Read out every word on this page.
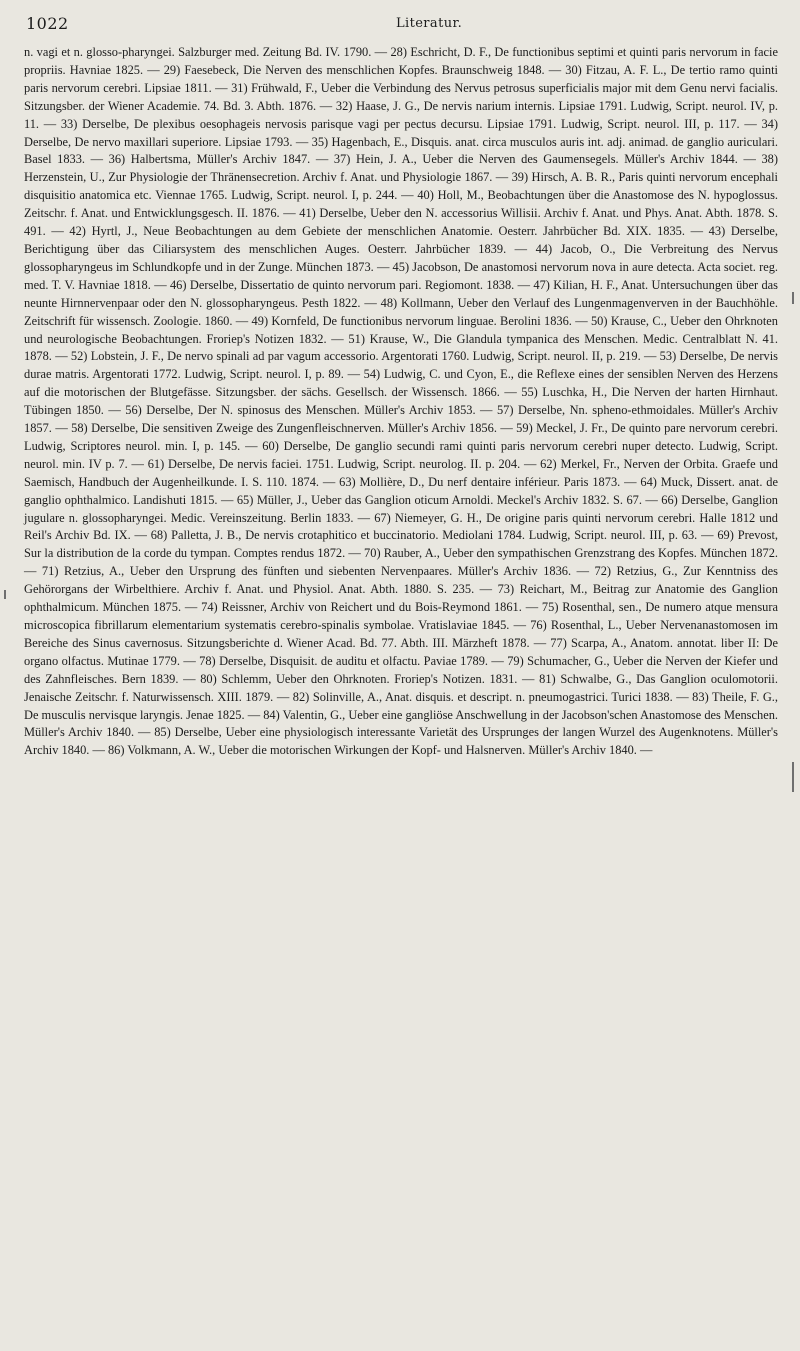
1022	Literatur.

n. vagi et n. glosso-pharyngei. Salzburger med. Zeitung Bd. IV. 1790. — 28) Eschricht, D. F., De functionibus septimi et quinti paris nervorum in facie propriis. Havniae 1825. — 29) Faesebeck, Die Nerven des menschlichen Kopfes. Braunschweig 1848. — 30) Fitzau, A. F. L., De tertio ramo quinti paris nervorum cerebri. Lipsiae 1811. — 31) Frühwald, F., Ueber die Verbindung des Nervus petrosus superficialis major mit dem Genu nervi facialis. Sitzungsber. der Wiener Academie. 74. Bd. 3. Abth. 1876. — 32) Haase, J. G., De nervis narium internis. Lipsiae 1791. Ludwig, Script. neurol. IV, p. 11. — 33) Derselbe, De plexibus oesophageis nervosis parisque vagi per pectus decursu. Lipsiae 1791. Ludwig, Script. neurol. III, p. 117. — 34) Derselbe, De nervo maxillari superiore. Lipsiae 1793. — 35) Hagenbach, E., Disquis. anat. circa musculos auris int. adj. animad. de ganglio auriculari. Basel 1833. — 36) Halbertsma, Müller's Archiv 1847. — 37) Hein, J. A., Ueber die Nerven des Gaumensegels. Müller's Archiv 1844. — 38) Herzenstein, U., Zur Physiologie der Thränensecretion. Archiv f. Anat. und Physiologie 1867. — 39) Hirsch, A. B. R., Paris quinti nervorum encephali disquisitio anatomica etc. Viennae 1765. Ludwig, Script. neurol. I, p. 244. — 40) Holl, M., Beobachtungen über die Anastomose des N. hypoglossus. Zeitschr. f. Anat. und Entwicklungsgesch. II. 1876. — 41) Derselbe, Ueber den N. accessorius Willisii. Archiv f. Anat. und Phys. Anat. Abth. 1878. S. 491. — 42) Hyrtl, J., Neue Beobachtungen au dem Gebiete der menschlichen Anatomie. Oesterr. Jahrbücher Bd. XIX. 1835. — 43) Derselbe, Berichtigung über das Ciliarsystem des menschlichen Auges. Oesterr. Jahrbücher 1839. — 44) Jacob, O., Die Verbreitung des Nervus glossopharyngeus im Schlundkopfe und in der Zunge. München 1873. — 45) Jacobson, De anastomosi nervorum nova in aure detecta. Acta societ. reg. med. T. V. Havniae 1818. — 46) Derselbe, Dissertatio de quinto nervorum pari. Regiomont. 1838. — 47) Kilian, H. F., Anat. Untersuchungen über das neunte Hirnnervenpaar oder den N. glossopharyngeus. Pesth 1822. — 48) Kollmann, Ueber den Verlauf des Lungenmagenverven in der Bauchhöhle. Zeitschrift für wissensch. Zoologie. 1860. — 49) Kornfeld, De functionibus nervorum linguae. Berolini 1836. — 50) Krause, C., Ueber den Ohrknoten und neurologische Beobachtungen. Froriep's Notizen 1832. — 51) Krause, W., Die Glandula tympanica des Menschen. Medic. Centralblatt N. 41. 1878. — 52) Lobstein, J. F., De nervo spinali ad par vagum accessorio. Argentorati 1760. Ludwig, Script. neurol. II, p. 219. — 53) Derselbe, De nervis durae matris. Argentorati 1772. Ludwig, Script. neurol. I, p. 89. — 54) Ludwig, C. und Cyon, E., die Reflexe eines der sensiblen Nerven des Herzens auf die motorischen der Blutgefässe. Sitzungsber. der sächs. Gesellsch. der Wissensch. 1866. — 55) Luschka, H., Die Nerven der harten Hirnhaut. Tübingen 1850. — 56) Derselbe, Der N. spinosus des Menschen. Müller's Archiv 1853. — 57) Derselbe, Nn. spheno-ethmoidales. Müller's Archiv 1857. — 58) Derselbe, Die sensitiven Zweige des Zungenfleischnerven. Müller's Archiv 1856. — 59) Meckel, J. Fr., De quinto pare nervorum cerebri. Ludwig, Scriptores neurol. min. I, p. 145. — 60) Derselbe, De ganglio secundi rami quinti paris nervorum cerebri nuper detecto. Ludwig, Script. neurol. min. IV p. 7. — 61) Derselbe, De nervis faciei. 1751. Ludwig, Script. neurolog. II. p. 204. — 62) Merkel, Fr., Nerven der Orbita. Graefe und Saemisch, Handbuch der Augenheilkunde. I. S. 110. 1874. — 63) Mollière, D., Du nerf dentaire inférieur. Paris 1873. — 64) Muck, Dissert. anat. de ganglio ophthalmico. Landishuti 1815. — 65) Müller, J., Ueber das Ganglion oticum Arnoldi. Meckel's Archiv 1832. S. 67. — 66) Derselbe, Ganglion jugulare n. glossopharyngei. Medic. Vereinszeitung. Berlin 1833. — 67) Niemeyer, G. H., De origine paris quinti nervorum cerebri. Halle 1812 und Reil's Archiv Bd. IX. — 68) Palletta, J. B., De nervis crotaphitico et buccinatorio. Mediolani 1784. Ludwig, Script. neurol. III, p. 63. — 69) Prevost, Sur la distribution de la corde du tympan. Comptes rendus 1872. — 70) Rauber, A., Ueber den sympathischen Grenzstrang des Kopfes. München 1872. — 71) Retzius, A., Ueber den Ursprung des fünften und siebenten Nervenpaares. Müller's Archiv 1836. — 72) Retzius, G., Zur Kenntniss des Gehörorgans der Wirbelthiere. Archiv f. Anat. und Physiol. Anat. Abth. 1880. S. 235. — 73) Reichart, M., Beitrag zur Anatomie des Ganglion ophthalmicum. München 1875. — 74) Reissner, Archiv von Reichert und du Bois-Reymond 1861. — 75) Rosenthal, sen., De numero atque mensura microscopica fibrillarum elementarium systematis cerebro-spinalis symbolae. Vratislaviae 1845. — 76) Rosenthal, L., Ueber Nervenanastomosen im Bereiche des Sinus cavernosus. Sitzungsberichte d. Wiener Acad. Bd. 77. Abth. III. Märzheft 1878. — 77) Scarpa, A., Anatom. annotat. liber II: De organo olfactus. Mutinae 1779. — 78) Derselbe, Disquisit. de auditu et olfactu. Paviae 1789. — 79) Schumacher, G., Ueber die Nerven der Kiefer und des Zahnfleisches. Bern 1839. — 80) Schlemm, Ueber den Ohrknoten. Froriep's Notizen. 1831. — 81) Schwalbe, G., Das Ganglion oculomotorii. Jenaische Zeitschr. f. Naturwissensch. XIII. 1879. — 82) Solinville, A., Anat. disquis. et descript. n. pneumogastrici. Turici 1838. — 83) Theile, F. G., De musculis nervisque laryngis. Jenae 1825. — 84) Valentin, G., Ueber eine gangliöse Anschwellung in der Jacobson'schen Anastomose des Menschen. Müller's Archiv 1840. — 85) Derselbe, Ueber eine physiologisch interessante Varietät des Ursprunges der langen Wurzel des Augenknotens. Müller's Archiv 1840. — 86) Volkmann, A. W., Ueber die motorischen Wirkungen der Kopf- und Halsnerven. Müller's Archiv 1840. —
